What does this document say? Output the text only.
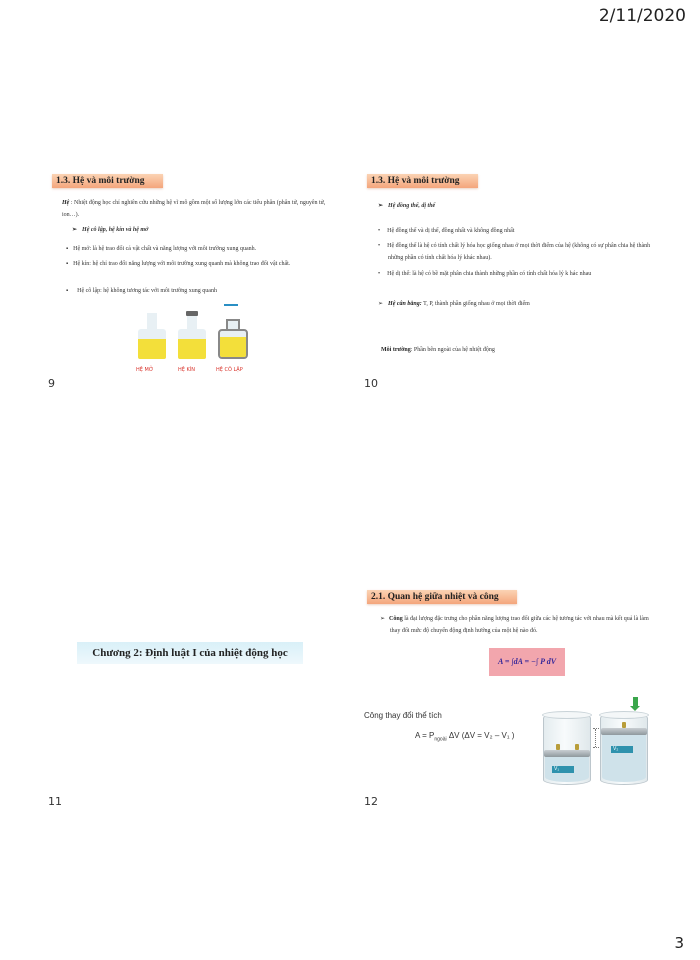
2/11/2020
1.3. Hệ và môi trường
Hệ : Nhiệt động học chỉ nghiên cứu những hệ vĩ mô gồm một số lượng lớn các tiểu phân (phân tử, nguyên tử, ion…).
➢ Hệ cô lập, hệ kín và hệ mở
▪ Hệ mở: là hệ trao đổi cả vật chất và năng lượng với môi trường xung quanh.
▪ Hệ kín: hệ chỉ trao đổi năng lượng với môi trường xung quanh mà không trao đổi vật chất.
▪ Hệ cô lập: hệ không tương tác với môi trường xung quanh
HỆ MỞ	HỆ KÍN	HỆ CÔ LẬP
9
1.3. Hệ và môi trường
➢ Hệ đồng thể, dị thể
• Hệ đồng thể và dị thể, đồng nhất và không đồng nhất
• Hệ đồng thể là hệ có tính chất lý hóa học giống nhau ở mọi thời điểm của hệ (không có sự phân chia hệ thành những phần có tính chất hóa lý khác nhau).
• Hệ dị thể: là hệ có bề mặt phân chia thành những phần có tính chất hóa lý k hác nhau
➢ Hệ cân bằng: T, P, thành phần giống nhau ở mọi thời điểm
Môi trường: Phần bên ngoài của hệ nhiệt động
10
Chương 2: Định luật I của nhiệt động học
11
2.1. Quan hệ giữa nhiệt và công
➢ Công là đại lượng đặc trưng cho phần năng lượng trao đổi giữa các hệ tương tác với nhau mà kết quả là làm thay đổi mức độ chuyển động định hướng của một hệ nào đó.
A = ∫dA = −∫ P dV
Công thay đổi thể tích
$A = P_{ngoài}$ ΔV (ΔV = V₂ – V₁ )
V₁
V₂
12
3
